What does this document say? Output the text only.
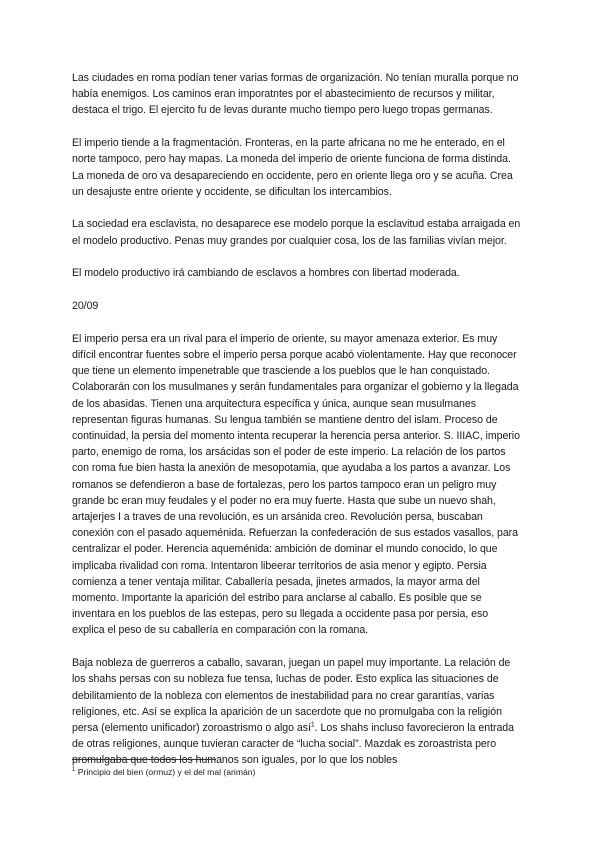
Las ciudades en roma podían tener varias formas de organización. No tenían muralla porque no había enemigos. Los caminos eran imporatntes por el abastecimiento de recursos y militar, destaca el trigo. El ejercito fu de levas durante mucho tiempo pero luego tropas germanas.

El imperio tiende a la fragmentación. Fronteras, en la parte africana no me he enterado, en el norte tampoco, pero hay mapas. La moneda del imperio de oriente funciona de forma distinda. La moneda de oro va desapareciendo en occidente, pero en oriente llega oro y se acuña. Crea un desajuste entre oriente y occidente, se dificultan los intercambios.

La sociedad era esclavista, no desaparece ese modelo porque la esclavitud estaba arraigada en el modelo productivo. Penas muy grandes por cualquier cosa, los de las familias vivían mejor.

El modelo productivo irá cambiando de esclavos a hombres con libertad moderada.

20/09

El imperio persa era un rival para el imperio de oriente, su mayor amenaza exterior. Es muy difícil encontrar fuentes sobre el imperio persa porque acabó violentamente. Hay que reconocer que tiene un elemento impenetrable que trasciende a los pueblos que le han conquistado. Colaborarán con los musulmanes y serán fundamentales para organizar el gobierno y la llegada de los abasidas. Tienen una arquitectura específica y única, aunque sean musulmanes representan figuras humanas. Su lengua también se mantiene dentro del islam. Proceso de continuidad, la persia del momento intenta recuperar la herencia persa anterior. S. IIIAC, imperio parto, enemigo de roma, los arsácidas son el poder de este imperio. La relación de los partos con roma fue bien hasta la anexión de mesopotamia, que ayudaba a los partos a avanzar. Los romanos se defendieron a base de fortalezas, pero los partos tampoco eran un peligro muy grande bc eran muy feudales y el poder no era muy fuerte. Hasta que sube un nuevo shah, artajerjes I a traves de una revolución, es un arsánida creo. Revolución persa, buscaban conexión con el pasado aqueménida. Refuerzan la confederación de sus estados vasallos, para centralizar el poder. Herencia aqueménida: ambición de dominar el mundo conocido, lo que implicaba rivalidad con roma. Intentaron libeerar territorios de asia menor y egipto. Persia comienza a tener ventaja militar. Caballería pesada, jinetes armados, la mayor arma del momento. Importante la aparición del estribo para anclarse al caballo. Es posible que se inventara en los pueblos de las estepas, pero su llegada a occidente pasa por persia, eso explica el peso de su caballería en comparación con la romana.

Baja nobleza de guerreros a caballo, savaran, juegan un papel muy importante. La relación de los shahs persas con su nobleza fue tensa, luchas de poder. Esto explica las situaciones de debilitamiento de la nobleza con elementos de inestabilidad para no crear garantías, varias religiones, etc. Así se explica la aparición de un sacerdote que no promulgaba con la religión persa (elemento unificador) zoroastrismo o algo así$^1$. Los shahs incluso favorecieron la entrada de otras religiones, aunque tuvieran caracter de “lucha social”. Mazdak es zoroastrista pero promulgaba que todos los humanos son iguales, por lo que los nobles

$^1$ Principio del bien (ormuz) y el del mal (arimán)
